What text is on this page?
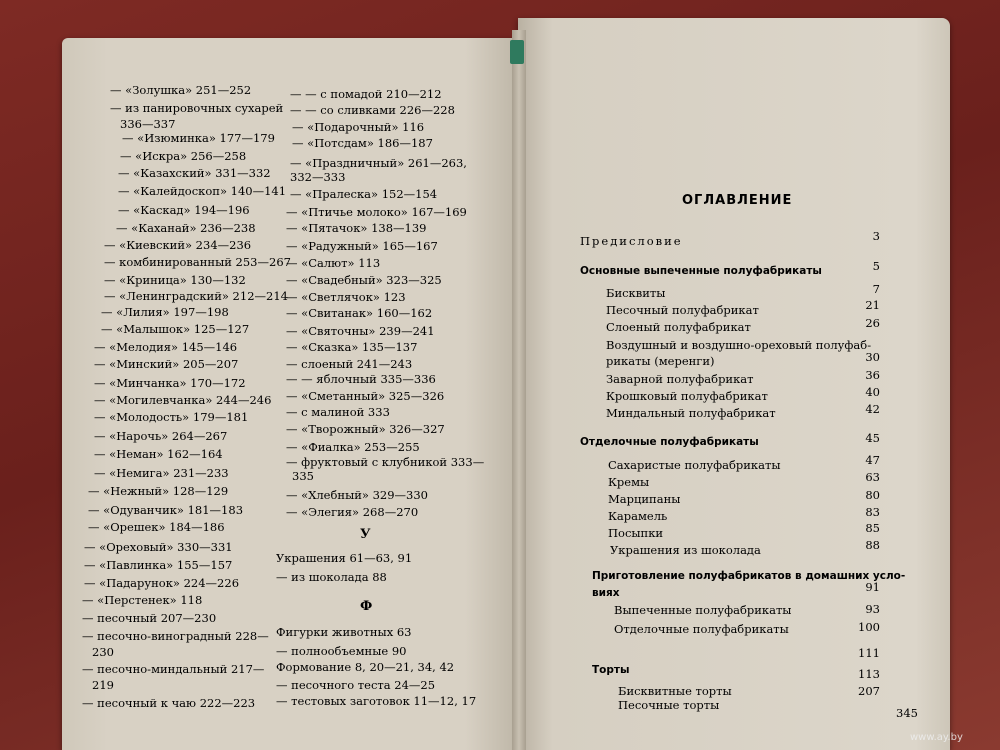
— «Золушка» 251—252
— из панировочных сухарей
336—337
— «Изюминка» 177—179
— «Искра» 256—258
— «Казахский» 331—332
— «Калейдоскоп» 140—141
— «Каскад» 194—196
— «Каханай» 236—238
— «Киевский» 234—236
— комбинированный 253—267
— «Криница» 130—132
— «Ленинградский» 212—214
— «Лилия» 197—198
— «Малышок» 125—127
— «Мелодия» 145—146
— «Минский» 205—207
— «Минчанка» 170—172
— «Могилевчанка» 244—246
— «Молодость» 179—181
— «Нарочь» 264—267
— «Неман» 162—164
— «Немига» 231—233
— «Нежный» 128—129
— «Одуванчик» 181—183
— «Орешек» 184—186
— «Ореховый» 330—331
— «Павлинка» 155—157
— «Падарунок» 224—226
— «Перстенек» 118
— песочный 207—230
— песочно-виноградный 228—
230
— песочно-миндальный 217—
219
— песочный к чаю 222—223
— — с помадой 210—212
— — со сливками 226—228
— «Подарочный» 116
— «Потсдам» 186—187
— «Праздничный» 261—263,
332—333
— «Пралеска» 152—154
— «Птичье молоко» 167—169
— «Пятачок» 138—139
— «Радужный» 165—167
— «Салют» 113
— «Свадебный» 323—325
— «Светлячок» 123
— «Свитанак» 160—162
— «Святочны» 239—241
— «Сказка» 135—137
— слоеный 241—243
— — яблочный 335—336
— «Сметанный» 325—326
— с малиной 333
— «Творожный» 326—327
— «Фиалка» 253—255
— фруктовый с клубникой 333—
335
— «Хлебный» 329—330
— «Элегия» 268—270
У
Украшения 61—63, 91
— из шоколада 88
Ф
Фигурки животных 63
— полнообъемные 90
Формование 8, 20—21, 34, 42
— песочного теста 24—25
— тестовых заготовок 11—12, 17
ОГЛАВЛЕНИЕ
Предисловие	3
Основные выпеченные полуфабрикаты	5
Бисквиты	7
Песочный полуфабрикат	21
Слоеный полуфабрикат	26
Воздушный и воздушно-ореховый полуфаб-
рикаты (меренги)	30
Заварной полуфабрикат	36
Крошковый полуфабрикат	40
Миндальный полуфабрикат	42
Отделочные полуфабрикаты	45
Сахаристые полуфабрикаты	47
Кремы	63
Марципаны	80
Карамель	83
Посыпки	85
Украшения из шоколада	88
Приготовление полуфабрикатов в домашних усло-
виях	91
Выпеченные полуфабрикаты	93
Отделочные полуфабрикаты	100
111
Торты	113
Бисквитные торты	207
Песочные торты
345
www.ay.by
